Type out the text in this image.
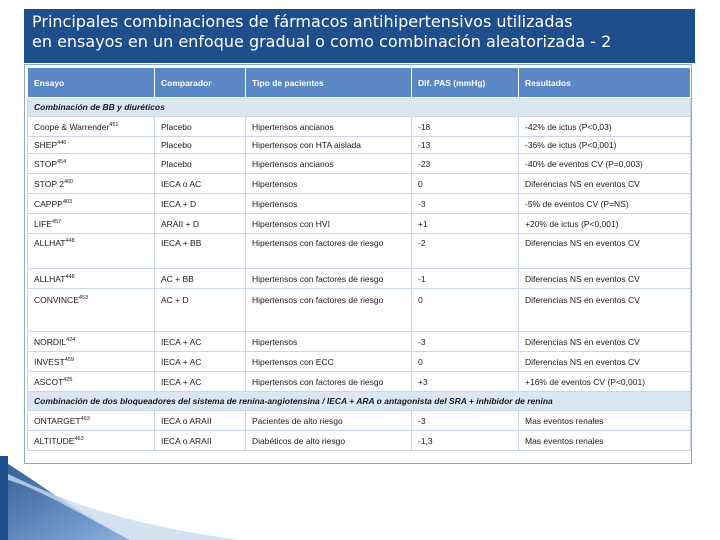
Principales combinaciones de fármacos antihipertensivos utilizadas
en ensayos en un enfoque gradual o como combinación aleatorizada - 2
Ensayo	Comparador	Tipo de pacientes	Dif. PAS (mmHg)	Resultados
Combinación de BB y diuréticos				
Coope & Warrender$^{451}$	Placebo	Hipertensos ancianos	-18	-42% de ictus (P<0,03)
SHEP$^{446}$	Placebo	Hipertensos con HTA aislada	-13	-36% de ictus (P<0,001)
STOP$^{454}$	Placebo	Hipertensos ancianos	-23	-40% de eventos CV (P=0,003)
STOP $2^{460}$	IECA o AC	Hipertensos	0	Diferencias NS en eventos CV
CAPPP$^{403}$	IECA + D	Hipertensos	-3	-5% de eventos CV (P=NS)
LIFE$^{457}$	ARAII + D	Hipertensos con HVI	+1	+20% de ictus (P<0,001)
ALLHAT$^{448}$	IECA + BB	Hipertensos con factores de riesgo	-2	Diferencias NS en eventos CV
ALLHAT$^{448}$	AC + BB	Hipertensos con factores de riesgo	-1	Diferencias NS en eventos CV
CONVINCE$^{453}$	AC + D	Hipertensos con factores de riesgo	0	Diferencias NS en eventos CV
NORDIL$^{424}$	IECA + AC	Hipertensos	-3	Diferencias NS en eventos CV
INVEST$^{459}$	IECA + AC	Hipertensos con ECC	0	Diferencias NS en eventos CV
ASCOT$^{425}$	IECA + AC	Hipertensos con factores de riesgo	+3	+16% de eventos CV (P<0,001)
Combinación de dos bloqueadores del sistema de renina-angiotensina / IECA + ARA o antagonista del SRA + inhibidor de renina				
ONTARGET$^{463}$	IECA o ARAII	Pacientes de alto riesgo	-3	Mas eventos renales
ALTITUDE$^{463}$	IECA o ARAII	Diabéticos de alto riesgo	-1,3	Mas eventos renales
